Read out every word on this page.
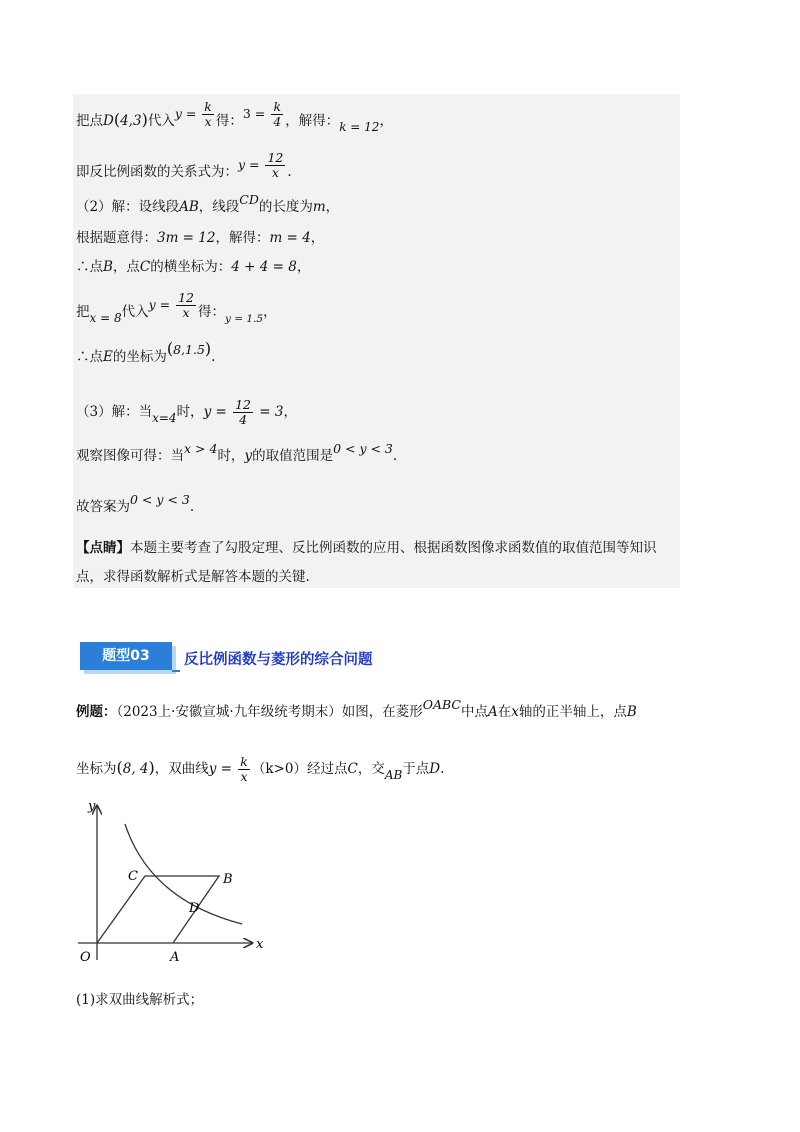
把点D(4,3)代入$y = \frac{k}{x}$ 得：$3 = \frac{k}{4}$ ，解得：k = 12，
即反比例函数的关系式为：$y = \frac{12}{x}$ .
（2）解：设线段AB，线段CD的长度为m，
根据题意得：3m = 12，解得：m = 4，
∴点B，点C的横坐标为：4 + 4 = 8，
把x = 8代入$y = \frac{12}{x}$ 得：$_{y = 1.5}$，
∴点E的坐标为(8,1.5).
（3）解：当x=4时，$y = \frac{12}{4} = 3$，
观察图像可得：当x > 4时，y的取值范围是0 < y < 3.
故答案为0 < y < 3.
【点睛】本题主要考查了勾股定理、反比例函数的应用、根据函数图像求函数值的取值范围等知识
点，求得函数解析式是解答本题的关键.
题型03	反比例函数与菱形的综合问题
例题：（2023上·安徽宣城·九年级统考期末）如图，在菱形OABC中点A在x轴的正半轴上，点B
坐标为(8, 4)，双曲线$y = \frac{k}{x} (k>0)$经过点C，交AB于点D.
y
x
O	A
B
C
D
(1)求双曲线解析式；
